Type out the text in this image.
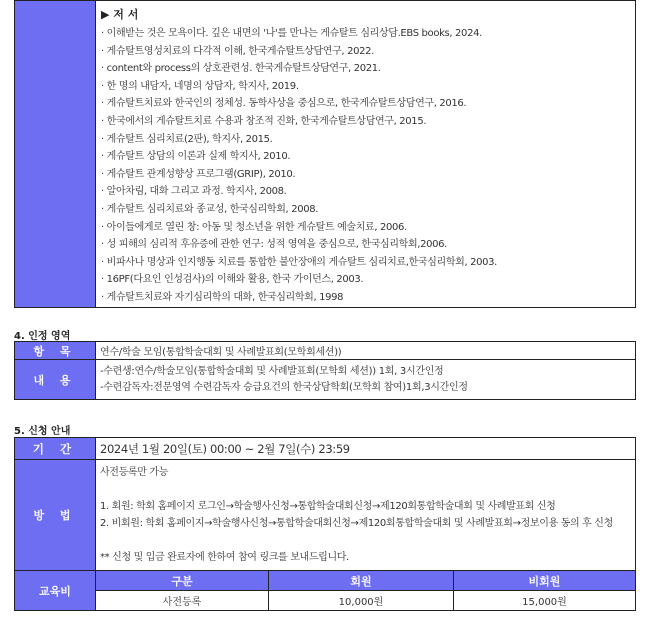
▶ 저 서
· 이해받는 것은 모욕이다. 깊은 내면의 '나'를 만나는 게슈탈트 심리상담.EBS books, 2024.
· 게슈탈트영성치료의 다각적 이해, 한국게슈탈트상담연구, 2022.
· content와 process의 상호관련성. 한국게슈탈트상담연구, 2021.
· 한 명의 내담자, 네명의 상담자, 학지사, 2019.
· 게슈탈트치료와 한국인의 정체성. 동학사상을 중심으로, 한국게슈탈트상담연구, 2016.
· 한국에서의 게슈탈트치료 수용과 창조적 진화, 한국게슈탈트상담연구, 2015.
· 게슈탈트 심리치료(2판), 학지사, 2015.
· 게슈탈트 상담의 이론과 실제 학지사, 2010.
· 게슈탈트 관계성향상 프로그램(GRIP), 2010.
· 알아차림, 대화 그리고 과정. 학지사, 2008.
· 게슈탈트 심리치료와 종교성, 한국심리학회, 2008.
· 아이들에게로 열린 창: 아동 및 청소년을 위한 게슈탈트 예술치료, 2006.
· 성 피해의 심리적 후유증에 관한 연구: 성적 영역을 중심으로, 한국심리학회,2006.
· 비파사나 명상과 인지행동 치료를 통합한 불안장애의 게슈탈트 심리치료,한국심리학회, 2003.
· 16PF(다요인 인성검사)의 이해와 활용, 한국 가이던스, 2003.
· 게슈탈트치료와 자기심리학의 대화, 한국심리학회, 1998
4. 인정 영역
항 목	연수/학술 모임(통합학술대회 및 사례발표회(모학회세션))
내 용	-수련생:연수/학술모임(통합학술대회 및 사례발표회(모학회 세션)) 1회, 3시간인정
-수련감독자:전문영역 수련감독자 승급요건의 한국상담학회(모학회 참여)1회,3시간인정
5. 신청 안내
기 간	2024년 1월 20일(토) 00:00 ~ 2월 7일(수) 23:59		
방 법	사전등록만 가능
1. 회원: 학회 홈페이지 로그인→학술행사신청→통합학술대회신청→제120회통합학술대회 및 사례발표회 신청
2. 비회원: 학회 홈페이지→학술행사신청→통합학술대회신청→제120회통합학술대회 및 사례발표회→정보이용 동의 후 신청
** 신청 및 입금 완료자에 한하여 참여 링크를 보내드립니다.		

교육비	구분	회원	비회원
	사전등록	10,000원	15,000원
